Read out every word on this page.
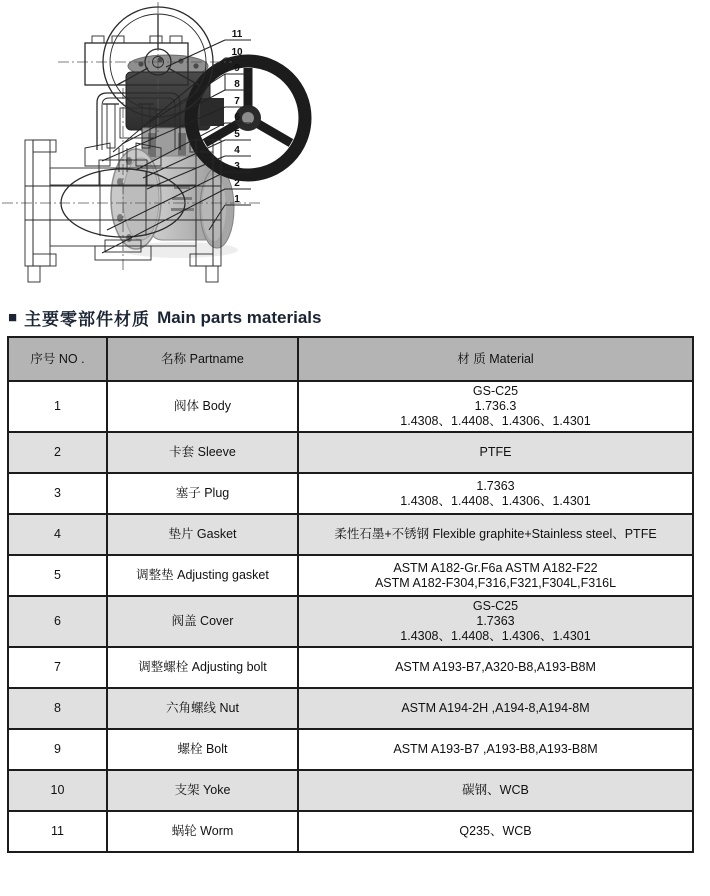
11
10
9
8
7
6
5
4
3
2
1
■ 主要零部件材质 Main parts materials
序号 NO .	名称 Partname	材 质 Material
1	阀体 Body	GS-C25
1.736.3
1.4308、1.4408、1.4306、1.4301

2	卡套 Sleeve	PTFE

3	塞子 Plug	1.7363
1.4308、1.4408、1.4306、1.4301

4	垫片 Gasket	柔性石墨+不锈钢 Flexible graphite+Stainless steel、PTFE

5	调整垫 Adjusting gasket	ASTM A182-Gr.F6a ASTM A182-F22
ASTM A182-F304,F316,F321,F304L,F316L

6	阀盖 Cover	GS-C25
1.7363
1.4308、1.4408、1.4306、1.4301

7	调整螺栓 Adjusting bolt	ASTM A193-B7,A320-B8,A193-B8M

8	六角螺线 Nut	ASTM A194-2H ,A194-8,A194-8M

9	螺栓 Bolt	ASTM A193-B7 ,A193-B8,A193-B8M

10	支架 Yoke	碳钢、WCB

11	蜗轮 Worm	Q235、WCB
